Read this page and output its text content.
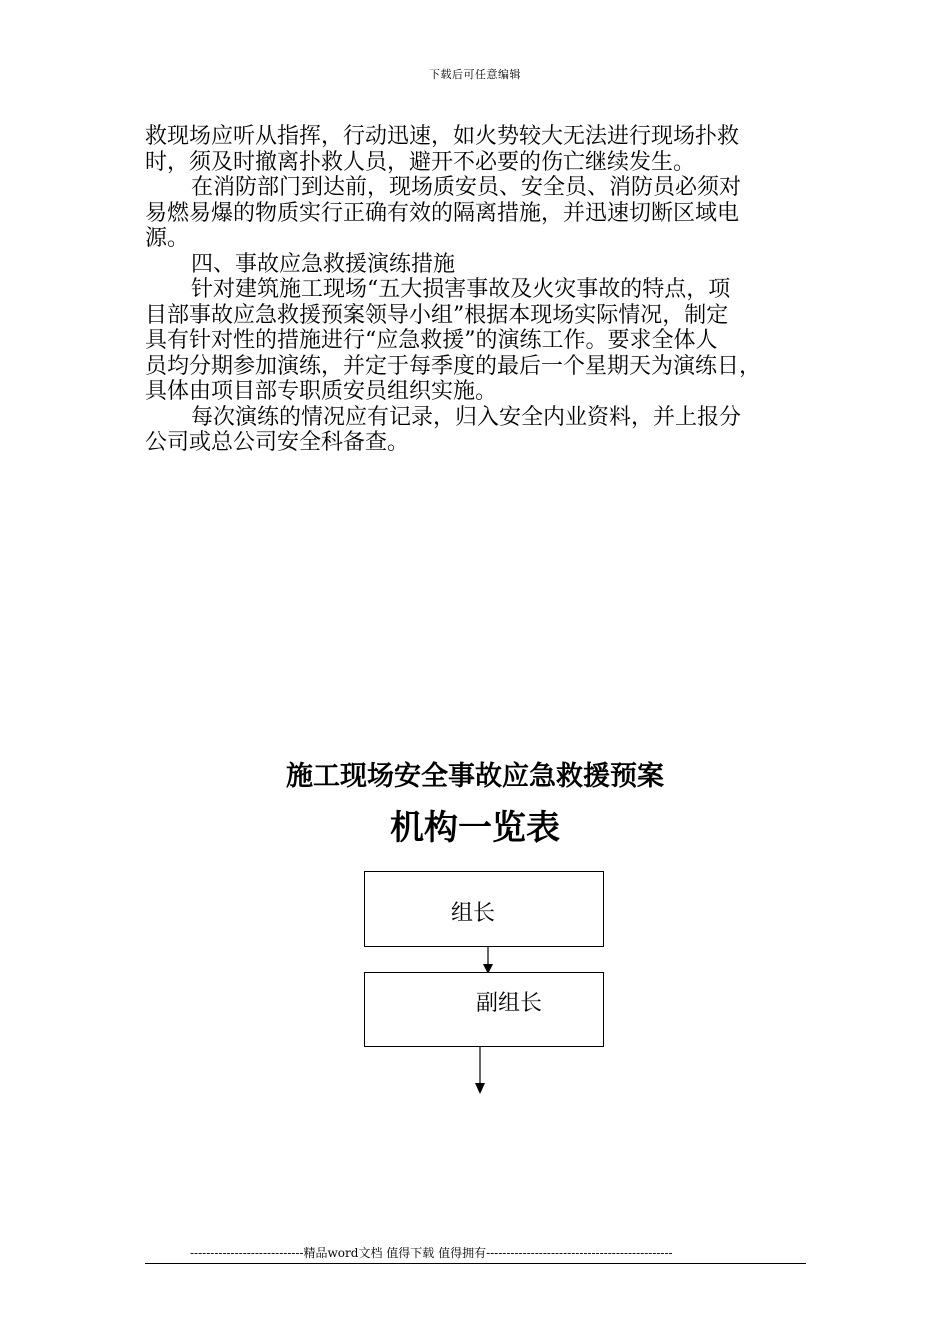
下载后可任意编辑

救现场应听从指挥，行动迅速，如火势较大无法进行现场扑救

时，须及时撤离扑救人员，避开不必要的伤亡继续发生。

在消防部门到达前，现场质安员、安全员、消防员必须对

易燃易爆的物质实行正确有效的隔离措施，并迅速切断区域电

源。

四、事故应急救援演练措施

针对建筑施工现场“五大损害事故及火灾事故的特点，项

目部事故应急救援预案领导小组”根据本现场实际情况，制定

具有针对性的措施进行“应急救援”的演练工作。要求全体人

员均分期参加演练，并定于每季度的最后一个星期天为演练日，

具体由项目部专职质安员组织实施。

每次演练的情况应有记录，归入安全内业资料，并上报分

公司或总公司安全科备查。

施工现场安全事故应急救援预案
机构一览表
组长
副组长
----------------------------精品word文档 值得下载 值得拥有----------------------------------------------
